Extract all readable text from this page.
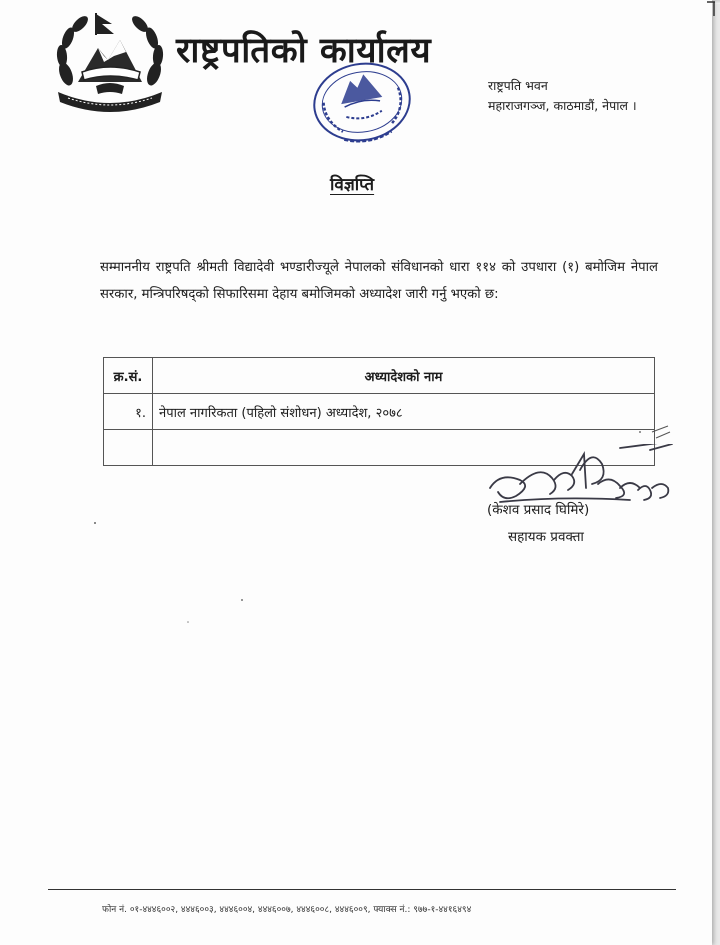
राष्ट्रपतिको कार्यालय
राष्ट्रपति भवन
महाराजगञ्ज, काठमाडौं, नेपाल ।
विज्ञप्ति
सम्माननीय राष्ट्रपति श्रीमती विद्यादेवी भण्डारीज्यूले नेपालको संविधानको धारा ११४ को उपधारा (१) बमोजिम नेपाल सरकार, मन्त्रिपरिषद्को सिफारिसमा देहाय बमोजिमको अध्यादेश जारी गर्नु भएको छ:
क्र.सं.	अध्यादेशको नाम
१.	नेपाल नागरिकता (पहिलो संशोधन) अध्यादेश, २०७८

(केशव प्रसाद घिमिरे)
सहायक प्रवक्ता
फोन नं. ०१-४४४६००२, ४४४६००३, ४४४६००४, ४४४६००७, ४४४६००८, ४४४६००९, फ्याक्स नं.: ९७७-१-४४१६४९४
